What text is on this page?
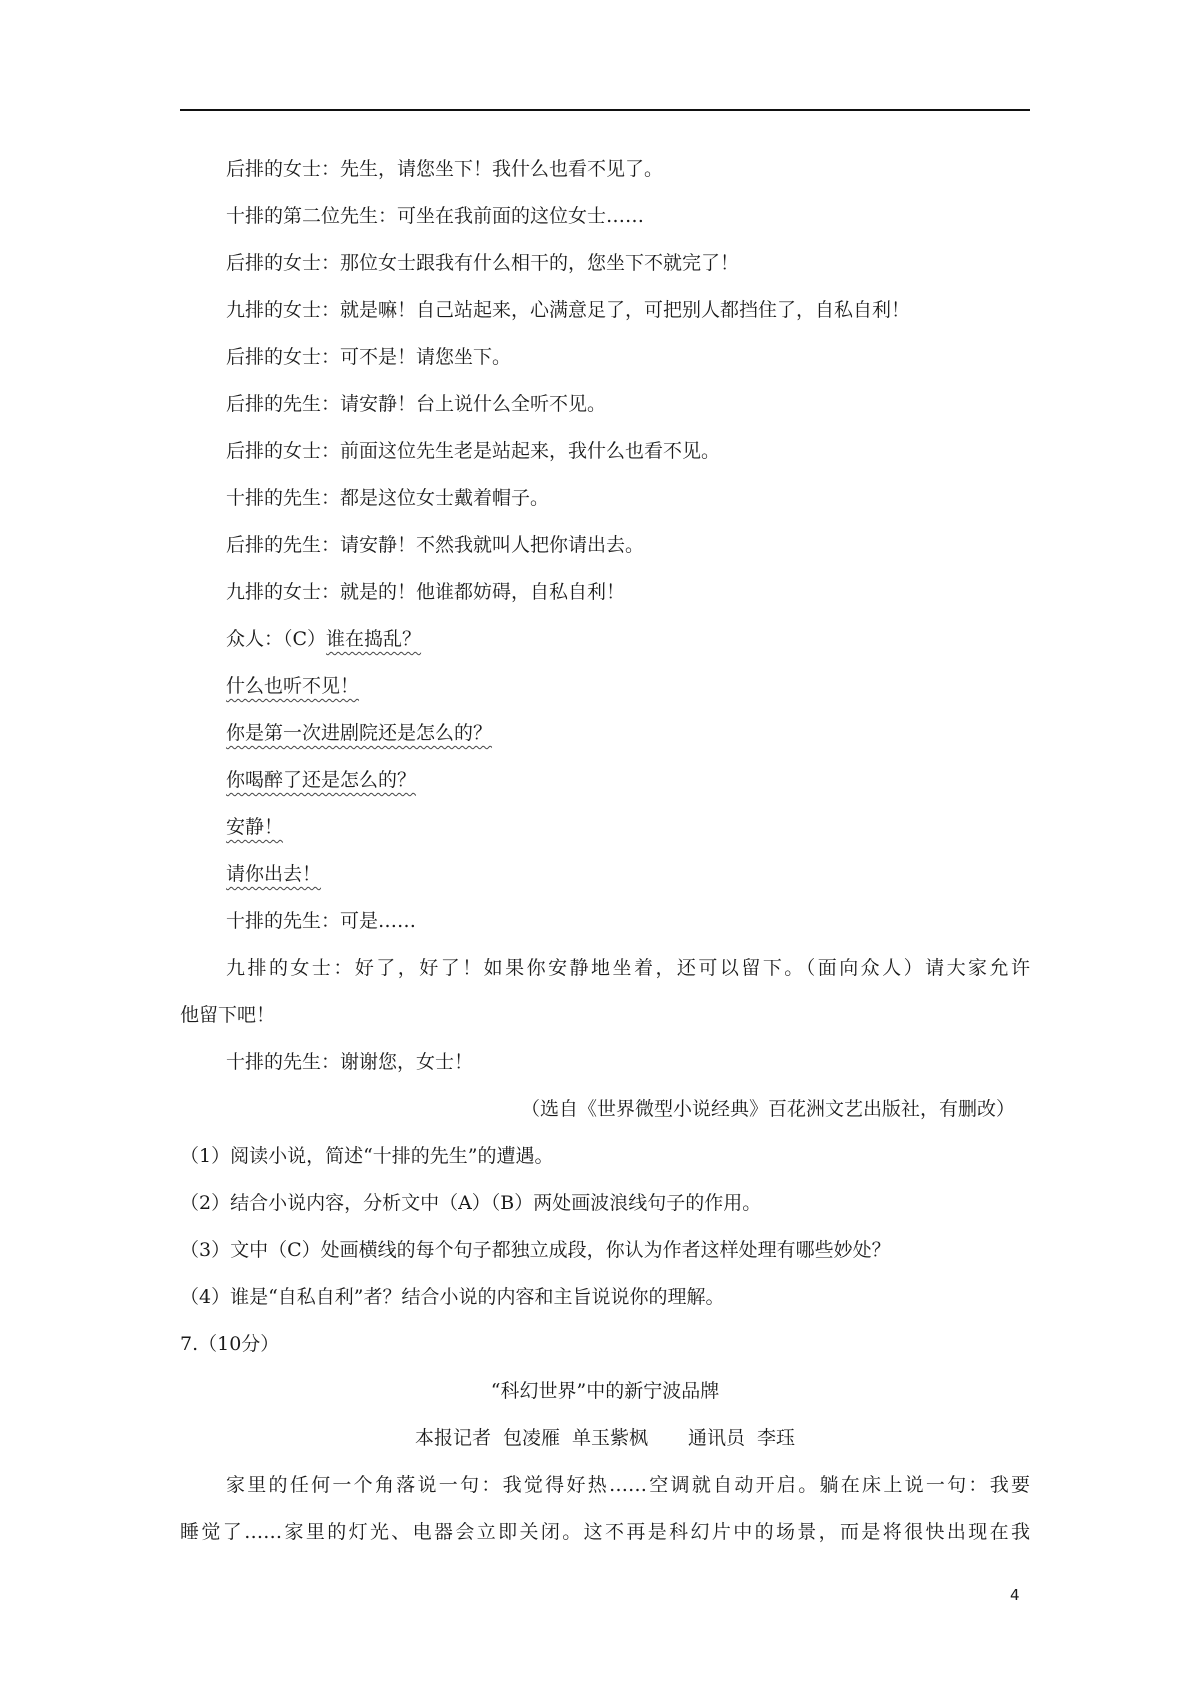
后排的女士：先生，请您坐下！我什么也看不见了。
十排的第二位先生：可坐在我前面的这位女士……
后排的女士：那位女士跟我有什么相干的，您坐下不就完了！
九排的女士：就是嘛！自己站起来，心满意足了，可把别人都挡住了，自私自利！
后排的女士：可不是！请您坐下。
后排的先生：请安静！台上说什么全听不见。
后排的女士：前面这位先生老是站起来，我什么也看不见。
十排的先生：都是这位女士戴着帽子。
后排的先生：请安静！不然我就叫人把你请出去。
九排的女士：就是的！他谁都妨碍，自私自利！
众人：（C）谁在捣乱？
什么也听不见！
你是第一次进剧院还是怎么的？
你喝醉了还是怎么的？
安静！
请你出去！
十排的先生：可是……
九排的女士：好了，好了！如果你安静地坐着，还可以留下。（面向众人）请大家允许
他留下吧！
十排的先生：谢谢您，女士！
（选自《世界微型小说经典》百花洲文艺出版社，有删改）
（1）阅读小说，简述“十排的先生”的遭遇。
（2）结合小说内容，分析文中（A）（B）两处画波浪线句子的作用。
（3）文中（C）处画横线的每个句子都独立成段，你认为作者这样处理有哪些妙处？
（4）谁是“自私自利”者？结合小说的内容和主旨说说你的理解。
7.（10分）
“科幻世界”中的新宁波品牌
本报记者 包凌雁 单玉紫枫 通讯员 李珏
家里的任何一个角落说一句：我觉得好热……空调就自动开启。躺在床上说一句：我要
睡觉了……家里的灯光、电器会立即关闭。这不再是科幻片中的场景，而是将很快出现在我
4
